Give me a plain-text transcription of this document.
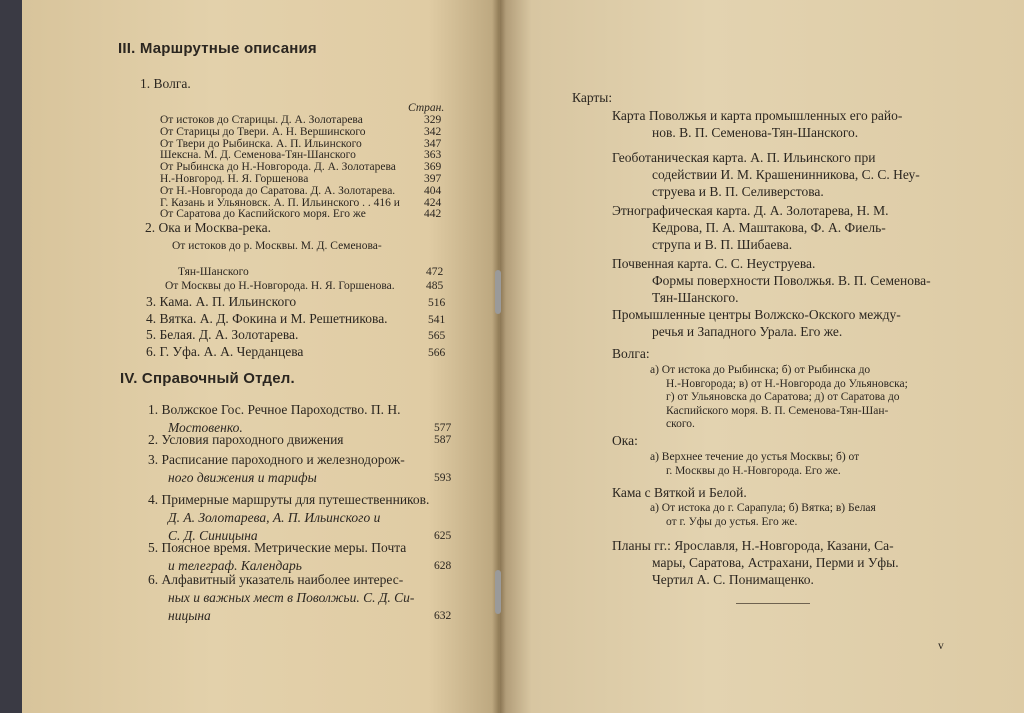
III. Маршрутные описания
1. Волга.
Стран.
От истоков до Старицы. Д. А. Золотарева	329
От Старицы до Твери. А. Н. Вершинского	342
От Твери до Рыбинска. А. П. Ильинского	347
Шексна. М. Д. Семенова-Тян-Шанского	363
От Рыбинска до Н.-Новгорода. Д. А. Золотарева 369
Н.-Новгород. Н. Я. Горшенова	397
От Н.-Новгорода до Саратова. Д. А. Золотарева.	404
Г. Казань и Ульяновск. А. П. Ильинского . . 416 и 424
От Саратова до Каспийского моря. Его же	442
2. Ока и Москва-река.
От истоков до р. Москвы. М. Д. Семенова-
Тян-Шанского	472
От Москвы до Н.-Новгорода. Н. Я. Горшенова.	485
3. Кама. А. П. Ильинского	516
4. Вятка. А. Д. Фокина и М. Решетникова.	541
5. Белая. Д. А. Золотарева.	565
6. Г. Уфа. А. А. Черданцева	566
IV. Справочный Отдел.
1. Волжское Гос. Речное Пароходство. П. Н.
Мостовенко.	577
2. Условия пароходного движения	587
3. Расписание пароходного и железнодорож-
ного движения и тарифы	593
4. Примерные маршруты для путешественников.
Д. А. Золотарева, А. П. Ильинского и
С. Д. Синицына	625
5. Поясное время. Метрические меры. Почта
и телеграф. Календарь	628
6. Алфавитный указатель наиболее интерес-
ных и важных мест в Поволжьи. С. Д. Си-
ницына	632
Карты:
Карта Поволжья и карта промышленных его райо-
нов. В. П. Семенова-Тян-Шанского.
Геоботаническая карта. А. П. Ильинского при
содействии И. М. Крашенинникова, С. С. Неу-
струева и В. П. Селиверстова.
Этнографическая карта. Д. А. Золотарева, Н. М.
Кедрова, П. А. Маштакова, Ф. А. Фиель-
струпа и В. П. Шибаева.
Почвенная карта. С. С. Неуструева.
Формы поверхности Поволжья. В. П. Семенова-
Тян-Шанского.
Промышленные центры Волжско-Окского между-
речья и Западного Урала. Его же.
Волга:
а) От истока до Рыбинска; б) от Рыбинска до
Н.-Новгорода; в) от Н.-Новгорода до Ульяновска;
г) от Ульяновска до Саратова; д) от Саратова до
Каспийского моря. В. П. Семенова-Тян-Шан-
ского.
Ока:
а) Верхнее течение до устья Москвы; б) от
г. Москвы до Н.-Новгорода. Его же.
Кама с Вяткой и Белой.
а) От истока до г. Сарапула; б) Вятка; в) Белая
от г. Уфы до устья. Его же.
Планы гг.: Ярославля, Н.-Новгорода, Казани, Са-
мары, Саратова, Астрахани, Перми и Уфы.
Чертил А. С. Понимащенко.
v
